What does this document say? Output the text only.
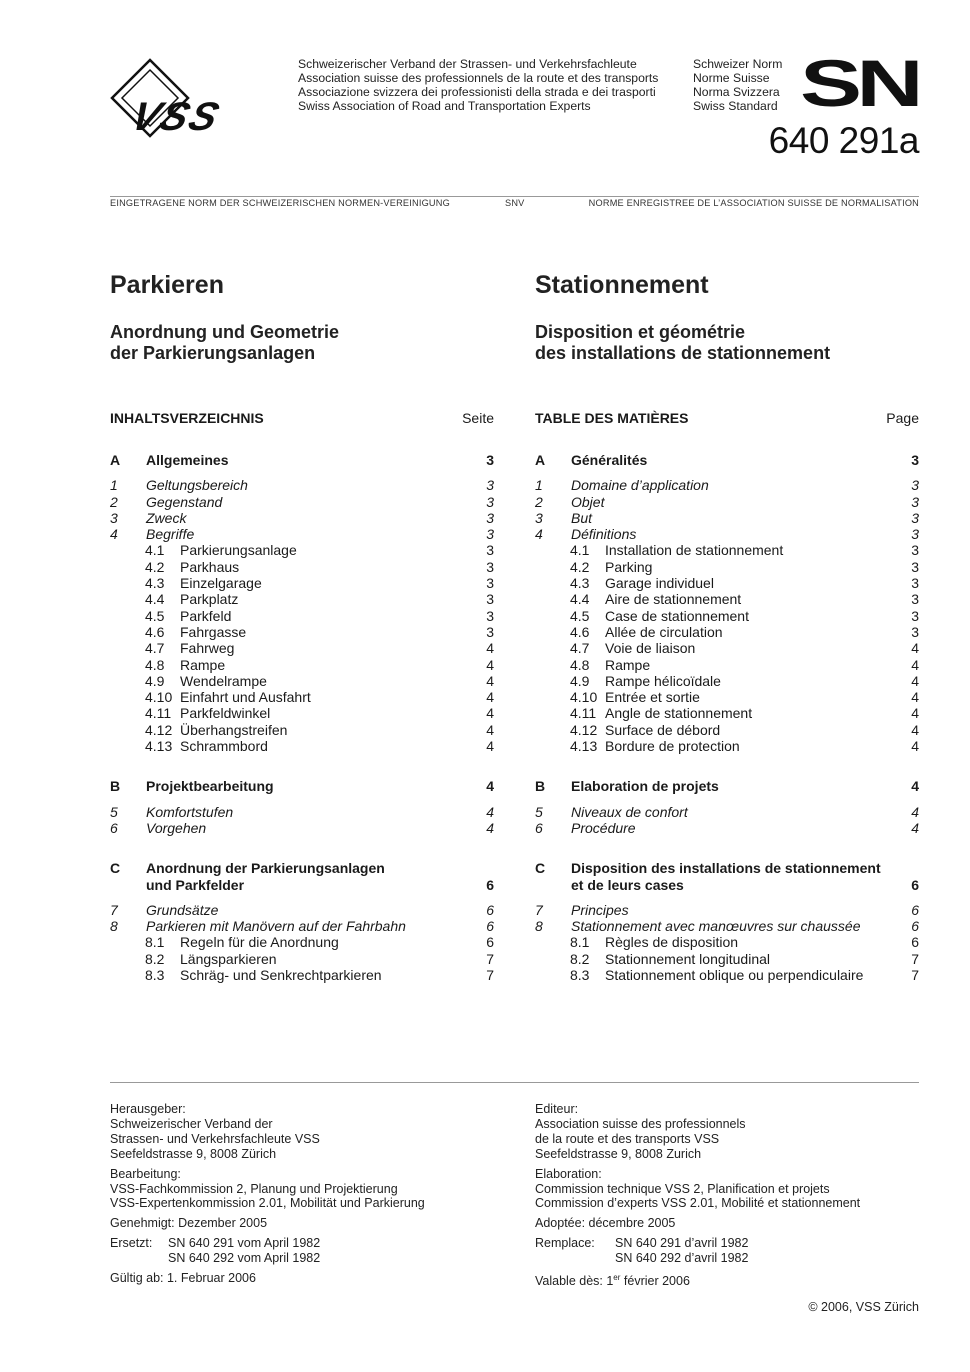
VSS
Schweizerischer Verband der Strassen- und Verkehrsfachleute
Association suisse des professionnels de la route et des transports
Associazione svizzera dei professionisti della strada e dei trasporti
Swiss Association of Road and Transportation Experts
Schweizer Norm
Norme Suisse
Norma Svizzera
Swiss Standard SN
640 291a
EINGETRAGENE NORM DER SCHWEIZERISCHEN NORMEN-VEREINIGUNG	SNV	NORME ENREGISTREE DE L’ASSOCIATION SUISSE DE NORMALISATION
Parkieren	Stationnement
Anordnung und Geometrie
der Parkierungsanlagen
Disposition et géométrie
des installations de stationnement
INHALTSVERZEICHNIS	Seite
A	Allgemeines	3
1	Geltungsbereich	3
2	Gegenstand	3
3	Zweck	3
4	Begriffe	3
4.1	Parkierungsanlage	3
4.2	Parkhaus	3
4.3	Einzelgarage	3
4.4	Parkplatz	3
4.5	Parkfeld	3
4.6	Fahrgasse	3
4.7	Fahrweg	4
4.8	Rampe	4
4.9	Wendelrampe	4
4.10 Einfahrt und Ausfahrt	4
4.11 Parkfeldwinkel	4
4.12 Überhangstreifen	4
4.13 Schrammbord	4
B	Projektbearbeitung	4
5	Komfortstufen	4
6	Vorgehen	4
C	Anordnung der Parkierungsanlagen
und Parkfelder	6
7	Grundsätze	6
8	Parkieren mit Manövern auf der Fahrbahn	6
8.1	Regeln für die Anordnung	6
8.2	Längsparkieren	7
8.3	Schräg- und Senkrechtparkieren	7
TABLE DES MATIÈRES	Page
A	Généralités	3
1	Domaine d’application	3
2	Objet	3
3	But	3
4	Définitions	3
4.1	Installation de stationnement	3
4.2	Parking	3
4.3	Garage individuel	3
4.4	Aire de stationnement	3
4.5	Case de stationnement	3
4.6	Allée de circulation	3
4.7	Voie de liaison	4
4.8	Rampe	4
4.9	Rampe hélicoïdale	4
4.10 Entrée et sortie	4
4.11 Angle de stationnement	4
4.12 Surface de débord	4
4.13 Bordure de protection	4
B	Elaboration de projets	4
5	Niveaux de confort	4
6	Procédure	4
C	Disposition des installations de stationnement
et de leurs cases	6
7	Principes	6
8	Stationnement avec manœuvres sur chaussée	6
8.1	Règles de disposition	6
8.2	Stationnement longitudinal	7
8.3	Stationnement oblique ou perpendiculaire	7
Herausgeber:
Schweizerischer Verband der
Strassen- und Verkehrsfachleute VSS
Seefeldstrasse 9, 8008 Zürich
Bearbeitung:
VSS-Fachkommission 2, Planung und Projektierung
VSS-Expertenkommission 2.01, Mobilität und Parkierung
Genehmigt: Dezember 2005
Ersetzt:	SN 640 291 vom April 1982
SN 640 292 vom April 1982
Gültig ab: 1. Februar 2006
Editeur:
Association suisse des professionnels
de la route et des transports VSS
Seefeldstrasse 9, 8008 Zurich
Elaboration:
Commission technique VSS 2, Planification et projets
Commission d’experts VSS 2.01, Mobilité et stationnement
Adoptée: décembre 2005
Remplace:	SN 640 291 d’avril 1982
SN 640 292 d’avril 1982
Valable dès: 1er février 2006
© 2006, VSS Zürich
